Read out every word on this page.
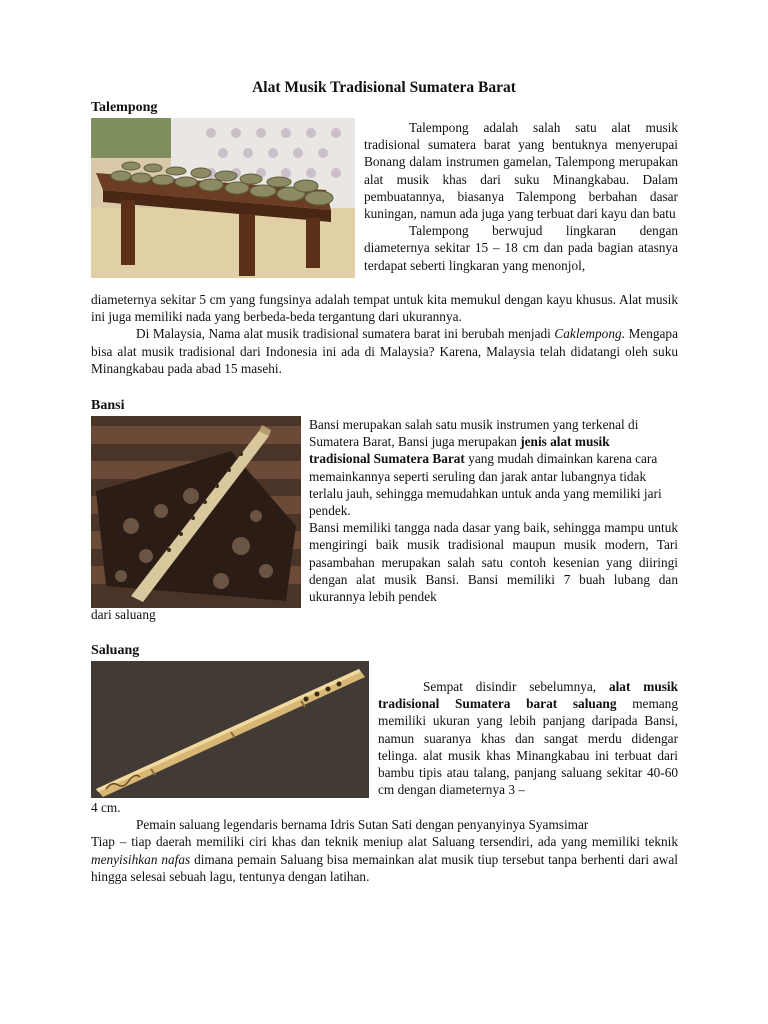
Alat Musik Tradisional Sumatera Barat
Talempong

Talempong adalah salah satu alat musik tradisional sumatera barat yang bentuknya menyerupai Bonang dalam instrumen gamelan, Talempong merupakan alat musik khas dari suku Minangkabau. Dalam pembuatannya, biasanya Talempong berbahan dasar kuningan, namun ada juga yang terbuat dari kayu dan batu

Talempong berwujud lingkaran dengan diameternya sekitar 15 – 18 cm dan pada bagian atasnya terdapat seberti lingkaran yang menonjol,

diameternya sekitar 5 cm yang fungsinya adalah tempat untuk kita memukul dengan kayu khusus. Alat musik ini juga memiliki nada yang berbeda-beda tergantung dari ukurannya.

Di Malaysia, Nama alat musik tradisional sumatera barat ini berubah menjadi Caklempong. Mengapa bisa alat musik tradisional dari Indonesia ini ada di Malaysia? Karena, Malaysia telah didatangi oleh suku Minangkabau pada abad 15 masehi.

Bansi

Bansi merupakan salah satu musik instrumen yang terkenal di Sumatera Barat, Bansi juga merupakan jenis alat musik tradisional Sumatera Barat yang mudah dimainkan karena cara memainkannya seperti seruling dan jarak antar lubangnya tidak terlalu jauh, sehingga memudahkan untuk anda yang memiliki jari pendek.

Bansi memiliki tangga nada dasar yang baik, sehingga mampu untuk mengiringi baik musik tradisional maupun musik modern, Tari pasambahan merupakan salah satu contoh kesenian yang diiringi dengan alat musik Bansi. Bansi memiliki 7 buah lubang dan ukurannya lebih pendek

dari saluang

Saluang

Sempat disindir sebelumnya, alat musik tradisional Sumatera barat saluang memang memiliki ukuran yang lebih panjang daripada Bansi, namun suaranya khas dan sangat merdu didengar telinga. alat musik khas Minangkabau ini terbuat dari bambu tipis atau talang, panjang saluang sekitar 40-60 cm dengan diameternya 3 –

4 cm.

Pemain saluang legendaris bernama Idris Sutan Sati dengan penyanyinya Syamsimar

Tiap – tiap daerah memiliki ciri khas dan teknik meniup alat Saluang tersendiri, ada yang memiliki teknik menyisihkan nafas dimana pemain Saluang bisa memainkan alat musik tiup tersebut tanpa berhenti dari awal hingga selesai sebuah lagu, tentunya dengan latihan.
